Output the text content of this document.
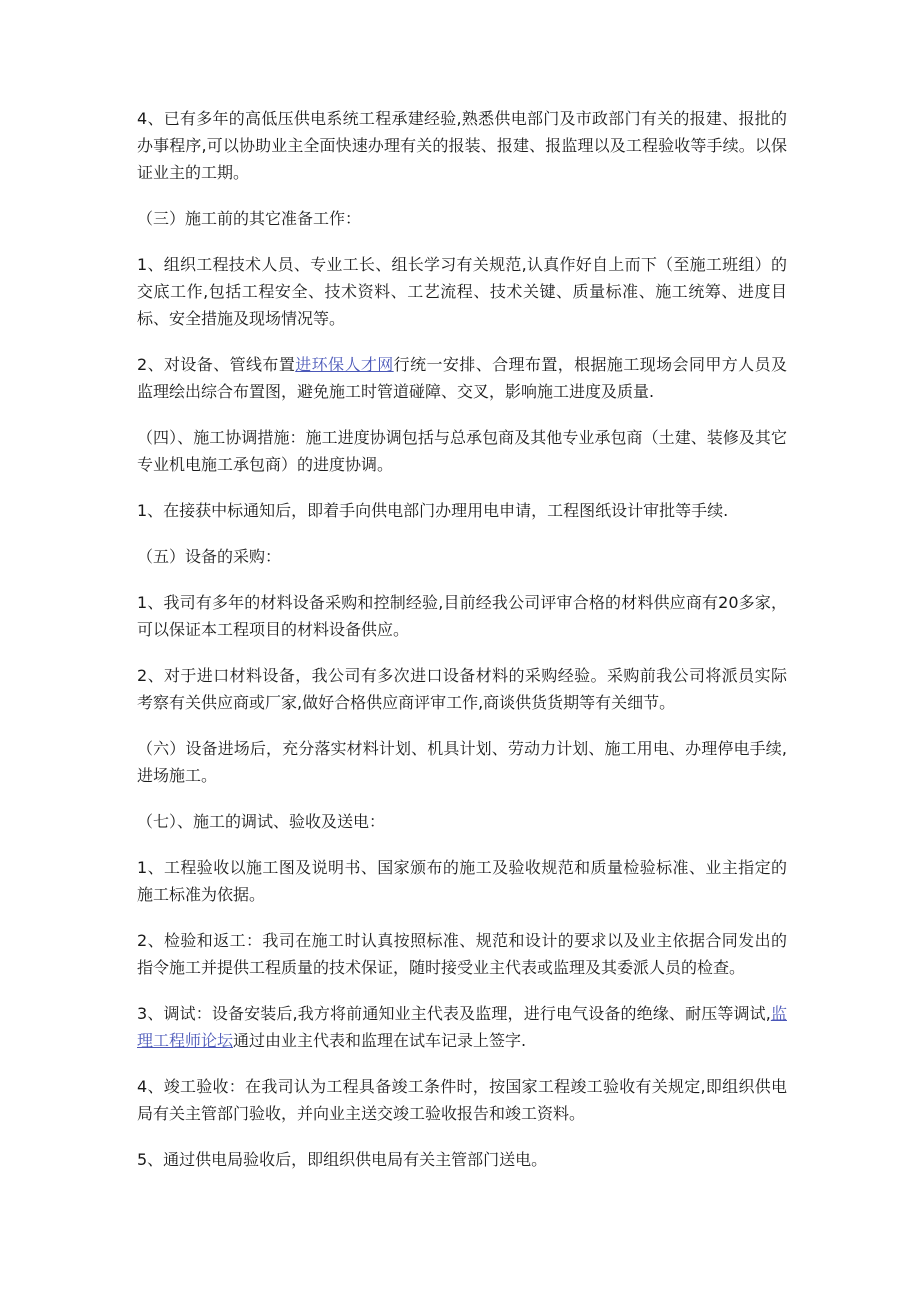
4、已有多年的高低压供电系统工程承建经验,熟悉供电部门及市政部门有关的报建、报批的办事程序,可以协助业主全面快速办理有关的报装、报建、报监理以及工程验收等手续。以保证业主的工期。

（三）施工前的其它准备工作：

1、组织工程技术人员、专业工长、组长学习有关规范,认真作好自上而下（至施工班组）的交底工作,包括工程安全、技术资料、工艺流程、技术关键、质量标准、施工统筹、进度目标、安全措施及现场情况等。

2、对设备、管线布置进环保人才网行统一安排、合理布置，根据施工现场会同甲方人员及监理绘出综合布置图，避免施工时管道碰障、交叉，影响施工进度及质量.

（四）、施工协调措施：施工进度协调包括与总承包商及其他专业承包商（土建、装修及其它专业机电施工承包商）的进度协调。

1、在接获中标通知后，即着手向供电部门办理用电申请，工程图纸设计审批等手续.

（五）设备的采购：

1、我司有多年的材料设备采购和控制经验,目前经我公司评审合格的材料供应商有20多家，可以保证本工程项目的材料设备供应。

2、对于进口材料设备，我公司有多次进口设备材料的采购经验。采购前我公司将派员实际考察有关供应商或厂家,做好合格供应商评审工作,商谈供货货期等有关细节。

（六）设备进场后，充分落实材料计划、机具计划、劳动力计划、施工用电、办理停电手续,进场施工。

（七）、施工的调试、验收及送电：

1、工程验收以施工图及说明书、国家颁布的施工及验收规范和质量检验标准、业主指定的施工标准为依据。

2、检验和返工：我司在施工时认真按照标准、规范和设计的要求以及业主依据合同发出的指令施工并提供工程质量的技术保证，随时接受业主代表或监理及其委派人员的检查。

3、调试：设备安装后,我方将前通知业主代表及监理，进行电气设备的绝缘、耐压等调试,监理工程师论坛通过由业主代表和监理在试车记录上签字.

4、竣工验收：在我司认为工程具备竣工条件时，按国家工程竣工验收有关规定,即组织供电局有关主管部门验收，并向业主送交竣工验收报告和竣工资料。

5、通过供电局验收后，即组织供电局有关主管部门送电。
